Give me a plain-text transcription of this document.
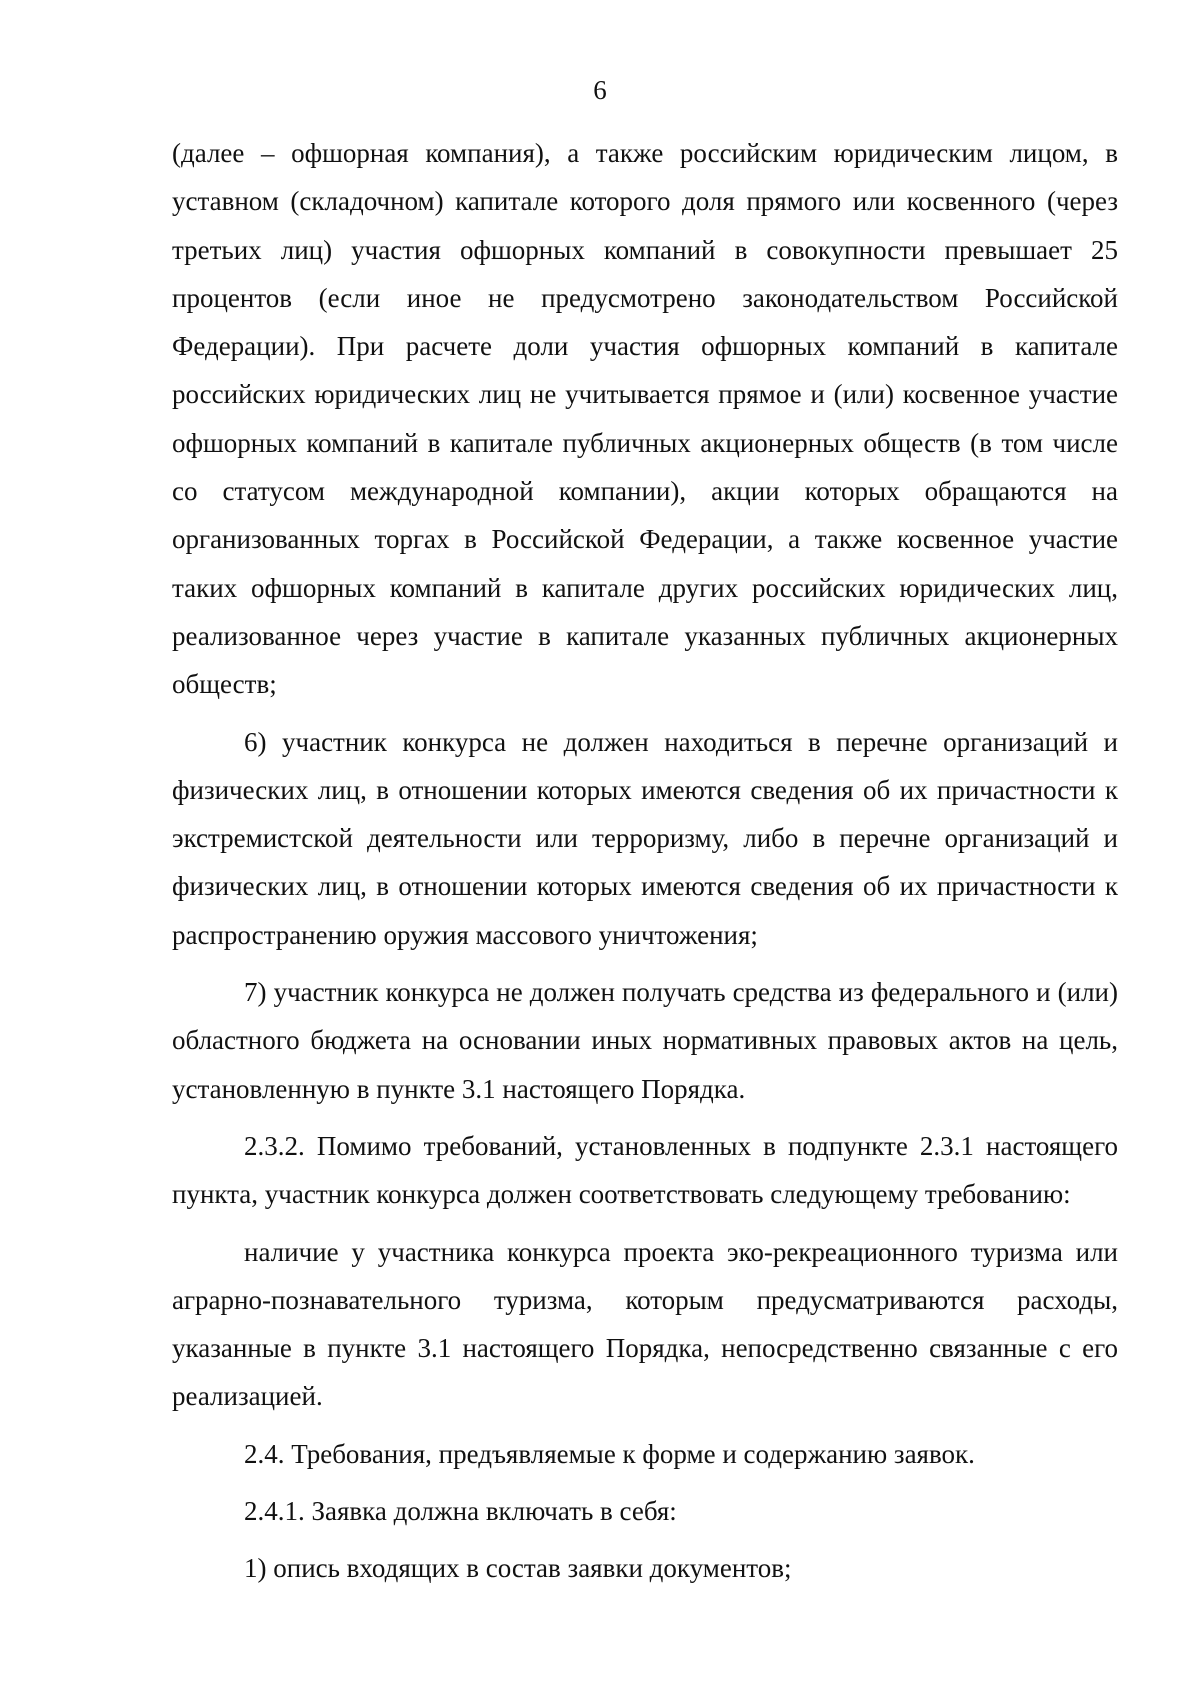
6

(далее – офшорная компания), а также российским юридическим лицом, в уставном (складочном) капитале которого доля прямого или косвенного (через третьих лиц) участия офшорных компаний в совокупности превышает 25 процентов (если иное не предусмотрено законодательством Российской Федерации). При расчете доли участия офшорных компаний в капитале российских юридических лиц не учитывается прямое и (или) косвенное участие офшорных компаний в капитале публичных акционерных обществ (в том числе со статусом международной компании), акции которых обращаются на организованных торгах в Российской Федерации, а также косвенное участие таких офшорных компаний в капитале других российских юридических лиц, реализованное через участие в капитале указанных публичных акционерных обществ;

6) участник конкурса не должен находиться в перечне организаций и физических лиц, в отношении которых имеются сведения об их причастности к экстремистской деятельности или терроризму, либо в перечне организаций и физических лиц, в отношении которых имеются сведения об их причастности к распространению оружия массового уничтожения;

7) участник конкурса не должен получать средства из федерального и (или) областного бюджета на основании иных нормативных правовых актов на цель, установленную в пункте 3.1 настоящего Порядка.

2.3.2. Помимо требований, установленных в подпункте 2.3.1 настоящего пункта, участник конкурса должен соответствовать следующему требованию:

наличие у участника конкурса проекта эко-рекреационного туризма или аграрно-познавательного туризма, которым предусматриваются расходы, указанные в пункте 3.1 настоящего Порядка, непосредственно связанные с его реализацией.

2.4. Требования, предъявляемые к форме и содержанию заявок.

2.4.1. Заявка должна включать в себя:

1) опись входящих в состав заявки документов;
